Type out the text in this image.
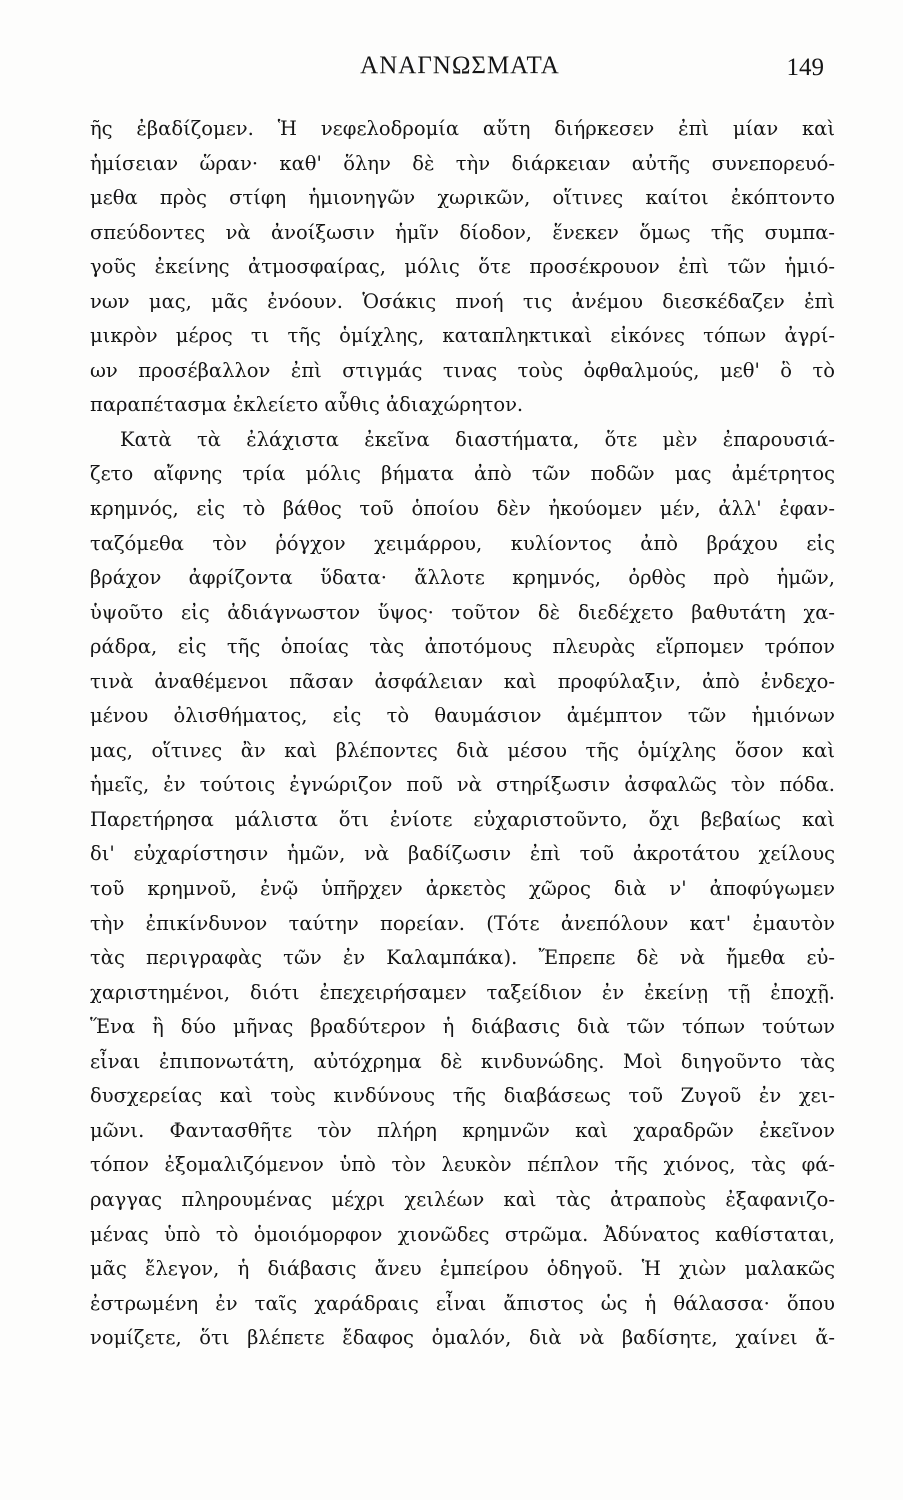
ΑΝΑΓΝΩΣΜΑΤΑ	149
ῆς ἐβαδίζομεν. Ἡ νεφελοδρομία αὕτη διήρκεσεν ἐπὶ μίαν καὶ
ἡμίσειαν ὥραν· καθ' ὅλην δὲ τὴν διάρκειαν αὐτῆς συνεπορευό-
μεθα πρὸς στίφη ἡμιονηγῶν χωρικῶν, οἵτινες καίτοι ἐκόπτοντο
σπεύδοντες νὰ ἀνοίξωσιν ἡμῖν δίοδον, ἕνεκεν ὅμως τῆς συμπα-
γοῦς ἐκείνης ἀτμοσφαίρας, μόλις ὅτε προσέκρουον ἐπὶ τῶν ἡμιό-
νων μας, μᾶς ἐνόουν. Ὁσάκις πνοή τις ἀνέμου διεσκέδαζεν ἐπὶ
μικρὸν μέρος τι τῆς ὁμίχλης, καταπληκτικαὶ εἰκόνες τόπων ἀγρί-
ων προσέβαλλον ἐπὶ στιγμάς τινας τοὺς ὀφθαλμούς, μεθ' ὃ τὸ
παραπέτασμα ἐκλείετο αὖθις ἀδιαχώρητον.
Κατὰ τὰ ἐλάχιστα ἐκεῖνα διαστήματα, ὅτε μὲν ἐπαρουσιά-
ζετο αἴφνης τρία μόλις βήματα ἀπὸ τῶν ποδῶν μας ἀμέτρητος
κρημνός, εἰς τὸ βάθος τοῦ ὁποίου δὲν ἠκούομεν μέν, ἀλλ' ἐφαν-
ταζόμεθα τὸν ῥόγχον χειμάρρου, κυλίοντος ἀπὸ βράχου εἰς
βράχον ἀφρίζοντα ὕδατα· ἄλλοτε κρημνός, ὀρθὸς πρὸ ἡμῶν,
ὑψοῦτο εἰς ἀδιάγνωστον ὕψος· τοῦτον δὲ διεδέχετο βαθυτάτη χα-
ράδρα, εἰς τῆς ὁποίας τὰς ἀποτόμους πλευρὰς εἵρπομεν τρόπον
τινὰ ἀναθέμενοι πᾶσαν ἀσφάλειαν καὶ προφύλαξιν, ἀπὸ ἐνδεχο-
μένου ὀλισθήματος, εἰς τὸ θαυμάσιον ἀμέμπτον τῶν ἡμιόνων
μας, οἵτινες ἂν καὶ βλέποντες διὰ μέσου τῆς ὁμίχλης ὅσον καὶ
ἡμεῖς, ἐν τούτοις ἐγνώριζον ποῦ νὰ στηρίξωσιν ἀσφαλῶς τὸν πόδα.
Παρετήρησα μάλιστα ὅτι ἐνίοτε εὐχαριστοῦντο, ὄχι βεβαίως καὶ
δι' εὐχαρίστησιν ἡμῶν, νὰ βαδίζωσιν ἐπὶ τοῦ ἀκροτάτου χείλους
τοῦ κρημνοῦ, ἐνῷ ὑπῆρχεν ἀρκετὸς χῶρος διὰ ν' ἀποφύγωμεν
τὴν ἐπικίνδυνον ταύτην πορείαν. (Τότε ἀνεπόλουν κατ' ἐμαυτὸν
τὰς περιγραφὰς τῶν ἐν Καλαμπάκα). Ἔπρεπε δὲ νὰ ἤμεθα εὐ-
χαριστημένοι, διότι ἐπεχειρήσαμεν ταξείδιον ἐν ἐκείνῃ τῇ ἐποχῇ.
Ἕνα ἢ δύο μῆνας βραδύτερον ἡ διάβασις διὰ τῶν τόπων τούτων
εἶναι ἐπιπονωτάτη, αὐτόχρημα δὲ κινδυνώδης. Μοὶ διηγοῦντο τὰς
δυσχερείας καὶ τοὺς κινδύνους τῆς διαβάσεως τοῦ Ζυγοῦ ἐν χει-
μῶνι. Φαντασθῆτε τὸν πλήρη κρημνῶν καὶ χαραδρῶν ἐκεῖνον
τόπον ἐξομαλιζόμενον ὑπὸ τὸν λευκὸν πέπλον τῆς χιόνος, τὰς φά-
ραγγας πληρουμένας μέχρι χειλέων καὶ τὰς ἀτραποὺς ἐξαφανιζο-
μένας ὑπὸ τὸ ὁμοιόμορφον χιονῶδες στρῶμα. Ἀδύνατος καθίσταται,
μᾶς ἔλεγον, ἡ διάβασις ἄνευ ἐμπείρου ὁδηγοῦ. Ἡ χιὼν μαλακῶς
ἐστρωμένη ἐν ταῖς χαράδραις εἶναι ἄπιστος ὡς ἡ θάλασσα· ὅπου
νομίζετε, ὅτι βλέπετε ἔδαφος ὁμαλόν, διὰ νὰ βαδίσητε, χαίνει ἄ-
